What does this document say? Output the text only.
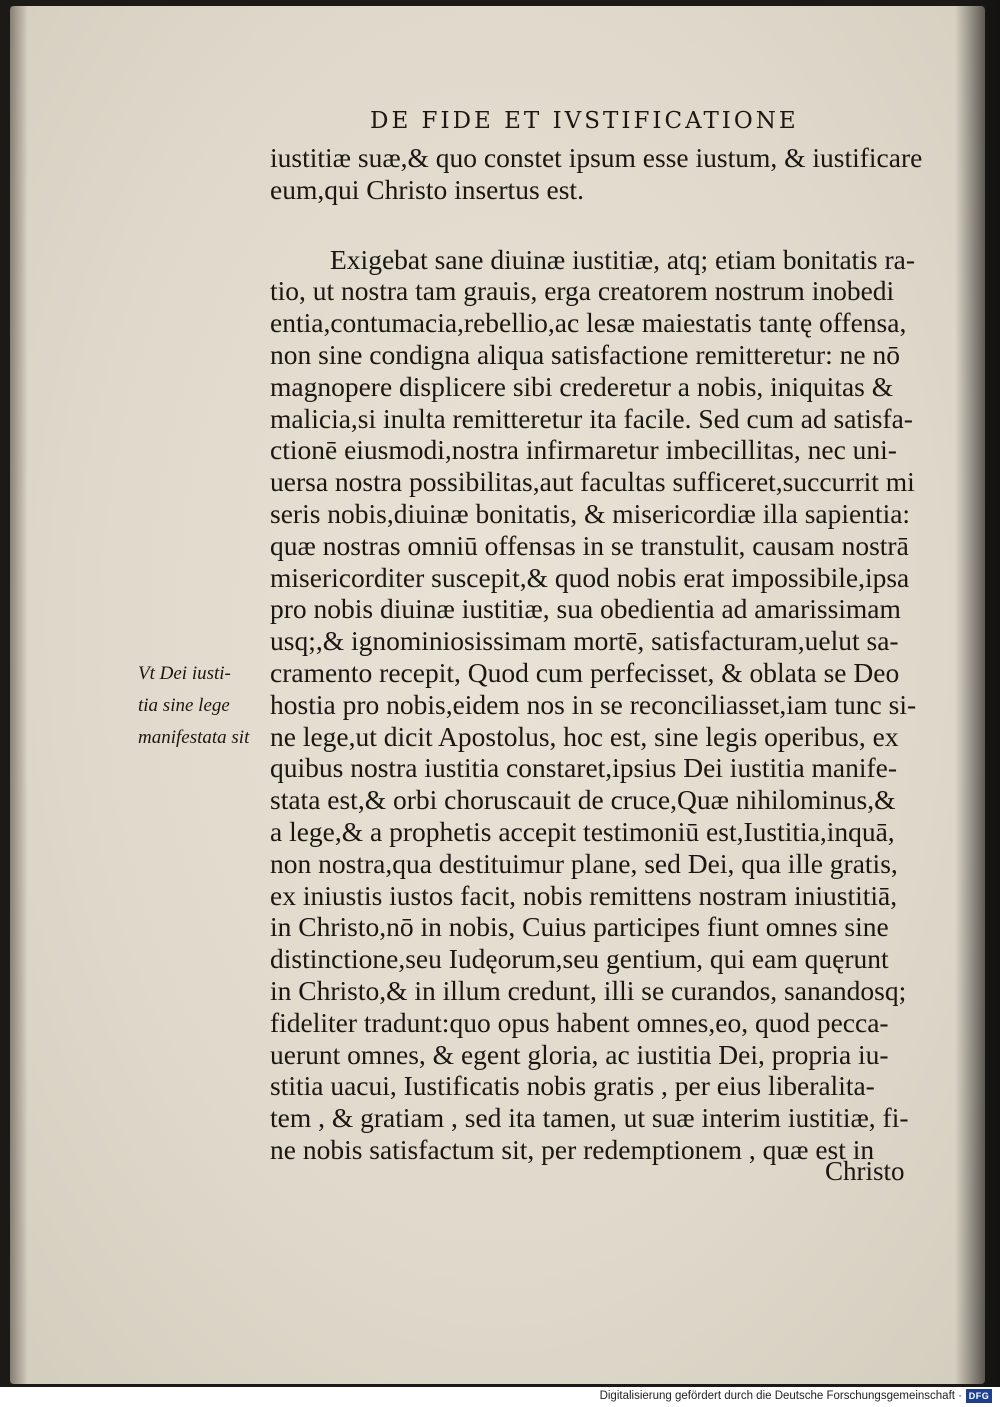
DE FIDE ET IVSTIFICATIONE
iustitiæ suæ,& quo constet ipsum esse iustum, & iustificare
eum,qui Christo insertus est.
Exigebat sane diuinæ iustitiæ, atq; etiam bonitatis ra-
tio, ut nostra tam grauis, erga creatorem nostrum inobedi
entia,contumacia,rebellio,ac lesæ maiestatis tantę offensa,
non sine condigna aliqua satisfactione remitteretur: ne nō
magnopere displicere sibi crederetur a nobis, iniquitas &
malicia,si inulta remitteretur ita facile. Sed cum ad satisfa-
ctionē eiusmodi,nostra infirmaretur imbecillitas, nec uni-
uersa nostra possibilitas,aut facultas sufficeret,succurrit mi
seris nobis,diuinæ bonitatis, & misericordiæ illa sapientia:
quæ nostras omniū offensas in se transtulit, causam nostrā
misericorditer suscepit,& quod nobis erat impossibile,ipsa
pro nobis diuinæ iustitiæ, sua obedientia ad amarissimam
usq;,& ignominiosissimam mortē, satisfacturam,uelut sa-
cramento recepit, Quod cum perfecisset, & oblata se Deo
hostia pro nobis,eidem nos in se reconciliasset,iam tunc si-
ne lege,ut dicit Apostolus, hoc est, sine legis operibus, ex
quibus nostra iustitia constaret,ipsius Dei iustitia manife-
stata est,& orbi choruscauit de cruce,Quæ nihilominus,&
a lege,& a prophetis accepit testimoniū est,Iustitia,inquā,
non nostra,qua destituimur plane, sed Dei, qua ille gratis,
ex iniustis iustos facit, nobis remittens nostram iniustitiā,
in Christo,nō in nobis, Cuius participes fiunt omnes sine
distinctione,seu Iudęorum,seu gentium, qui eam quęrunt
in Christo,& in illum credunt, illi se curandos, sanandosq;
fideliter tradunt:quo opus habent omnes,eo, quod pecca-
uerunt omnes, & egent gloria, ac iustitia Dei, propria iu-
stitia uacui, Iustificatis nobis gratis , per eius liberalita-
tem , & gratiam , sed ita tamen, ut suæ interim iustitiæ, fi-
ne nobis satisfactum sit, per redemptionem , quæ est in
Vt Dei iusti-
tia sine lege
manifestata sit
Christo
Digitalisierung gefördert durch die Deutsche Forschungsgemeinschaft · DFG
